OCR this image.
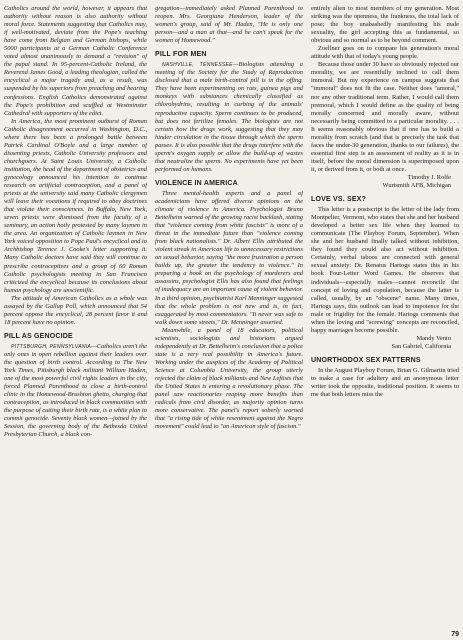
Catholics around the world, however, it appears that authority without reason is also authority without moral force. Statements suggesting that Catholics may, if well-motivated, deviate from the Pope's teaching have come from Belgian and German bishops, while 5000 participants at a German Catholic Conference voted almost unanimously to demand a "revision" of the papal stand. In 95-percent-Catholic Ireland, the Reverend James Good, a leading theologian, called the encyclical a major tragedy and, as a result, was suspended by his superiors from preaching and hearing confessions. English Catholics demonstrated against the Pope's prohibition and scuffled at Westminster Cathedral with supporters of the edict.

In America, the most prominent outburst of Roman Catholic disagreement occurred in Washington, D.C., where there has been a prolonged battle between Patrick Cardinal O'Boyle and a large number of dissenting priests, Catholic University professors and churchgoers. At Saint Louis University, a Catholic institution, the head of the department of obstetrics and gynecology announced his intention to continue research on artificial contraception, and a panel of priests at the university said many Catholic clergymen will leave their vocations if required to obey doctrines that violate their consciences. In Buffalo, New York, seven priests were dismissed from the faculty of a seminary, an action hotly protested by many laymen in the area. An organization of Catholic laymen in New York voiced opposition to Pope Paul's encyclical and to Archbishop Terence J. Cooke's letter supporting it. Many Catholic doctors have said they will continue to prescribe contraceptives and a group of 60 Roman Catholic psychologists meeting in San Francisco criticized the encyclical because its conclusions about human psychology are unscientific.

The attitude of American Catholics as a whole was assayed by the Gallup Poll, which announced that 54 percent oppose the encyclical, 28 percent favor it and 18 percent have no opinion.

PILL AS GENOCIDE

PITTSBURGH, PENNSYLVANIA—Catholics aren't the only ones in open rebellion against their leaders over the question of birth control. According to The New York Times, Pittsburgh black militant William Haden, one of the most powerful civil rights leaders in the city, forced Planned Parenthood to close a birth-control clinic in the Homewood-Brushton ghetto, charging that contraception, as introduced in black communities with the purpose of cutting their birth rate, is a white plan to commit genocide. Seventy black women—joined by the Session, the governing body of the Bethesda United Presbyterian Church, a black con-

gregation—immediately asked Planned Parenthood to reopen. Mrs. Georgiana Henderson, leader of the women's group, said of Mr. Haden, "He is only one person—and a man at that—and he can't speak for the women of Homewood."

PILL FOR MEN

NASHVILLE, TENNESSEE—Biologists attending a meeting of the Society for the Study of Reproduction disclosed that a male birth-control pill is in the offing. They have been experimenting on rats, guinea pigs and monkeys with substances chemically classified as chlorohydrins, resulting in curbing of the animals' reproductive capacity. Sperm continues to be produced, but does not fertilize females. The biologists are not certain how the drugs work, suggesting that they may hinder circulation in the tissue through which the sperm passes. It is also possible that the drugs interfere with the sperm's oxygen supply or allow the build-up of wastes that neutralize the sperm. No experiments have yet been performed on humans.

VIOLENCE IN AMERICA

Three mental-health experts and a panel of academicians have offered diverse opinions on the climate of violence in America. Psychologist Bruno Bettelheim warned of the growing racist backlash, stating that "violence coming from white fascists" is more of a threat in the immediate future than "violence coming from black nationalists." Dr. Albert Ellis attributed the violent streak in American life to unnecessary restrictions on sexual behavior, saying "the more frustration a person builds up, the greater the tendency to violence." In preparing a book on the psychology of murderers and assassins, psychologist Ellis has also found that feelings of inadequacy are an important cause of violent behavior. In a third opinion, psychiatrist Karl Menninger suggested that the whole problem is not new and is, in fact, exaggerated by most commentators. "It never was safe to walk down some streets," Dr. Menninger asserted.

Meanwhile, a panel of 18 educators, political scientists, sociologists and historians argued independently at Dr. Bettelheim's conclusion that a police state is a very real possibility in America's future. Working under the auspices of the Academy of Political Science at Columbia University, the group utterly rejected the claim of black militants and New Leftists that the United States is entering a revolutionary phase. The panel saw reactionaries reaping more benefits than radicals from civil disorder, as majority opinion turns more conservative. The panel's report soberly warned that "a rising tide of white resentment against the Negro movement" could lead to "an American style of fascism."

entirely alien to most members of my generation. Most striking was the openness, the frankness, the total lack of pose; the boy unabashedly manifesting his male sexuality, the girl accepting this as fundamental, so obvious and so normal as to be beyond comment.

Zoellner goes on to compare his generation's moral attitude with that of today's young people.

Because those under 30 have so obviously rejected our morality, we are resentfully inclined to call them immoral. But my experience on campus suggests that "immoral" does not fit the case. Neither does "amoral," nor any other traditional term. Rather, I would call them premoral, which I would define as the quality of being morally concerned and morally aware, without necessarily being committed to a particular morality. . . . It seems reasonably obvious that if one has to build a morality from scratch (and that is precisely the task that faces the under-30 generation, thanks to our failures), the essential first step is an assessment of reality as it is in itself, before the moral dimension is superimposed upon it, or derived from it, or both at once.

Timothy J. Rolfe

Wurtsmith AFB, Michigan

LOVE VS. SEX?

This letter is a postscript to the letter of the lady from Montpelier, Vermont, who states that she and her husband developed a better sex life when they learned to communicate (The Playboy Forum, September). When she and her husband finally talked without inhibition, they found they could also act without inhibition. Certainly, verbal taboos are connected with general sexual anxiety: Dr. Renatus Hartogs states this in his book Four-Letter Word Games. He observes that individuals—especially males—cannot reconcile the concept of loving and copulation, because the latter is called, usually, by an "obscene" name. Many times, Hartogs says, this outlook can lead to impotence for the male or frigidity for the female. Hartogs comments that when the loving and "screwing" concepts are reconciled, happy marriages become possible.

Mandy Vento

San Gabriel, California

UNORTHODOX SEX PATTERNS

In the August Playboy Forum, Brian G. Gilmartin tried to make a case for adultery and an anonymous letter writer took the opposite, traditional position. It seems to me that both letters miss the

79
